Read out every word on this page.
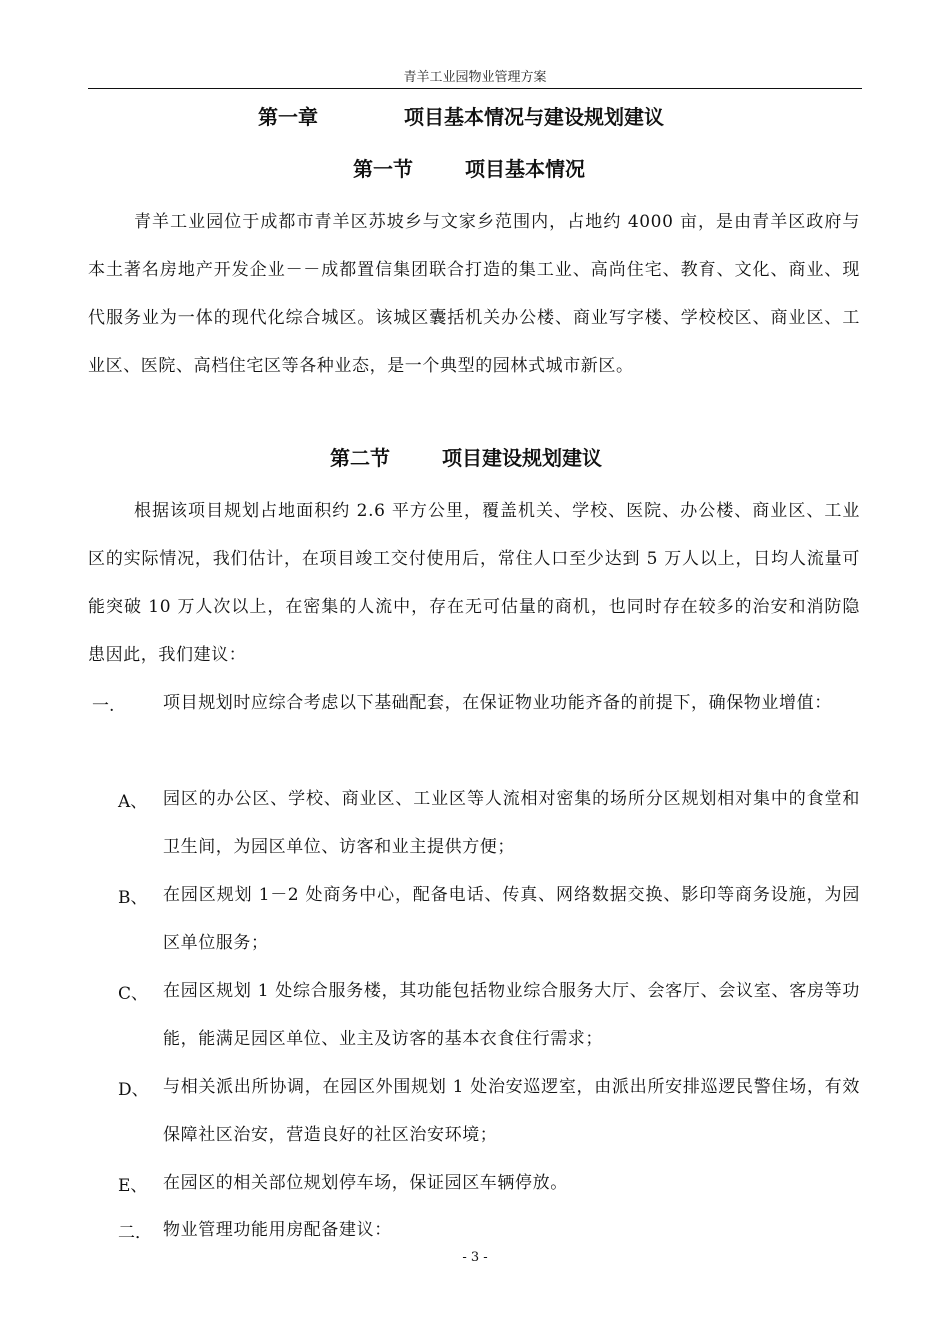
青羊工业园物业管理方案
第一章	项目基本情况与建设规划建议
第一节	项目基本情况
青羊工业园位于成都市青羊区苏坡乡与文家乡范围内，占地约 4000 亩，是由青羊区政府与本土著名房地产开发企业－－成都置信集团联合打造的集工业、高尚住宅、教育、文化、商业、现代服务业为一体的现代化综合城区。该城区囊括机关办公楼、商业写字楼、学校校区、商业区、工业区、医院、高档住宅区等各种业态，是一个典型的园林式城市新区。
第二节	项目建设规划建议
根据该项目规划占地面积约 2.6 平方公里，覆盖机关、学校、医院、办公楼、商业区、工业区的实际情况，我们估计，在项目竣工交付使用后，常住人口至少达到 5 万人以上，日均人流量可能突破 10 万人次以上，在密集的人流中，存在无可估量的商机，也同时存在较多的治安和消防隐患因此，我们建议：
一.	项目规划时应综合考虑以下基础配套，在保证物业功能齐备的前提下，确保物业增值：
A、 园区的办公区、学校、商业区、工业区等人流相对密集的场所分区规划相对集中的食堂和卫生间，为园区单位、访客和业主提供方便；
B、 在园区规划 1－2 处商务中心，配备电话、传真、网络数据交换、影印等商务设施，为园区单位服务；
C、 在园区规划 1 处综合服务楼，其功能包括物业综合服务大厅、会客厅、会议室、客房等功能，能满足园区单位、业主及访客的基本衣食住行需求；
D、 与相关派出所协调，在园区外围规划 1 处治安巡逻室，由派出所安排巡逻民警住场，有效保障社区治安，营造良好的社区治安环境；
E、 在园区的相关部位规划停车场，保证园区车辆停放。
二． 物业管理功能用房配备建议：
- 3 -
